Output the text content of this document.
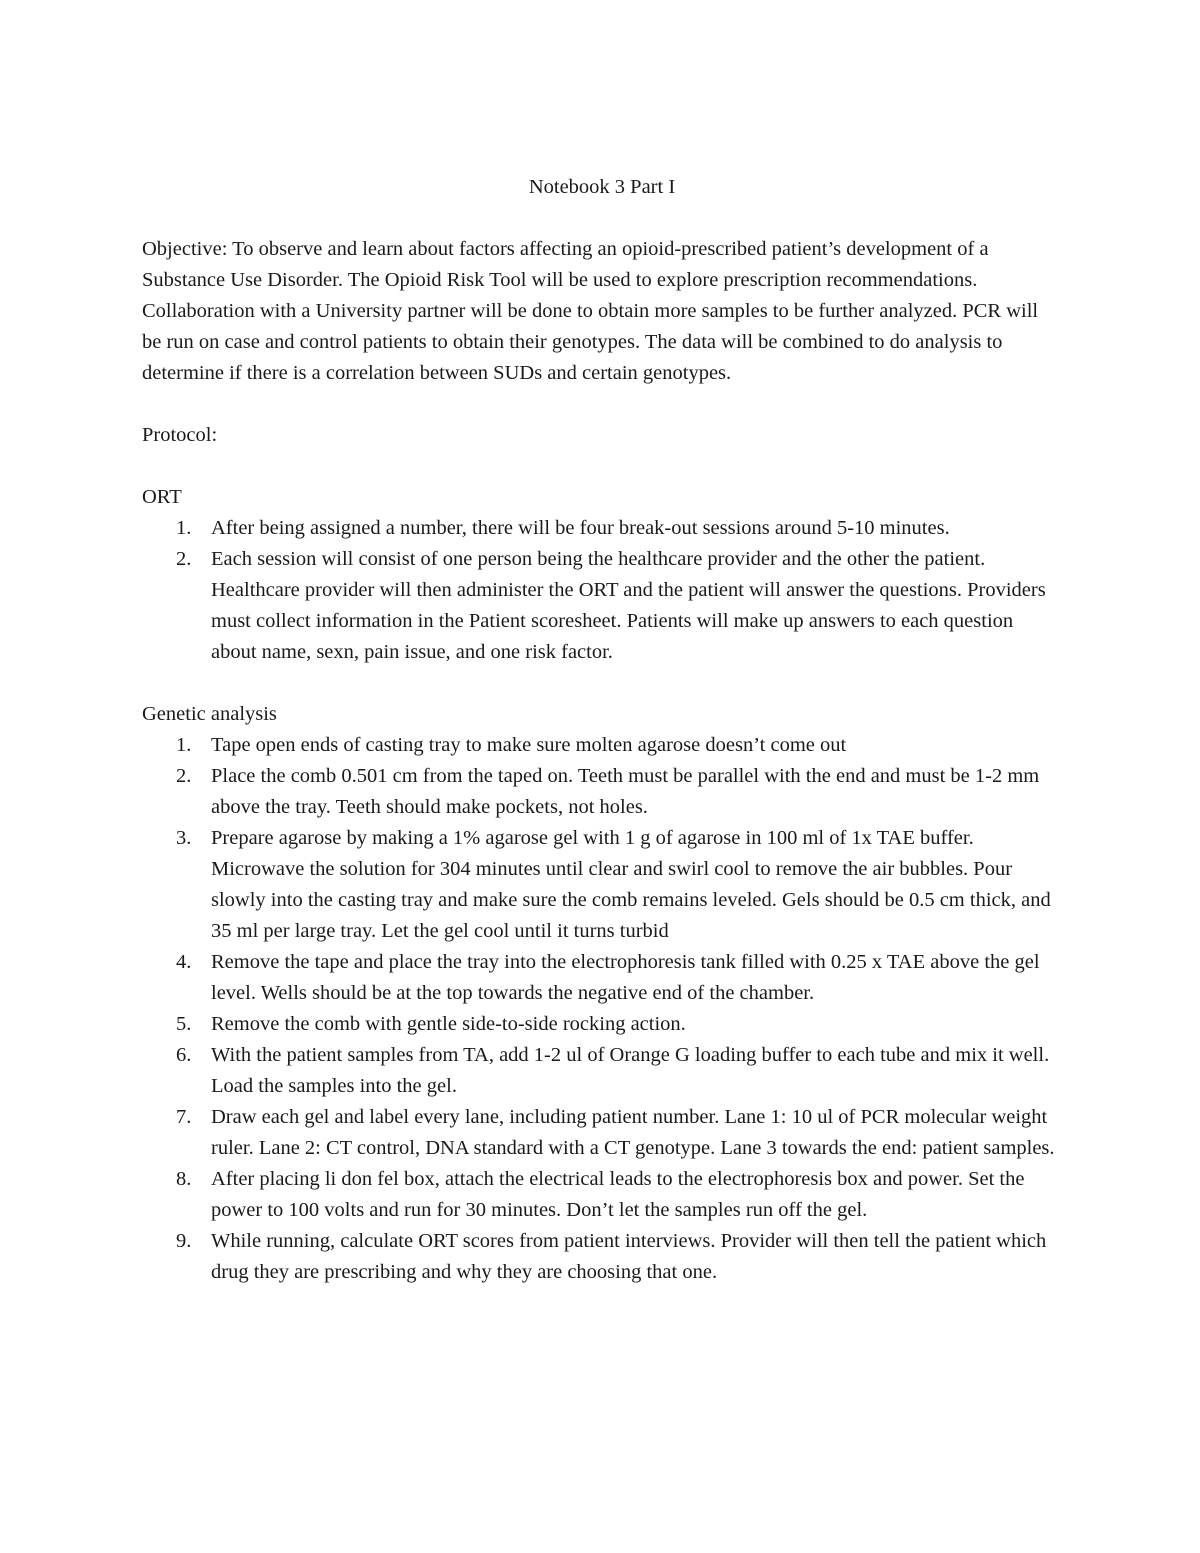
Notebook 3 Part I

Objective: To observe and learn about factors affecting an opioid-prescribed patient’s development of a Substance Use Disorder. The Opioid Risk Tool will be used to explore prescription recommendations. Collaboration with a University partner will be done to obtain more samples to be further analyzed. PCR will be run on case and control patients to obtain their genotypes. The data will be combined to do analysis to determine if there is a correlation between SUDs and certain genotypes.

Protocol:

ORT

1. After being assigned a number, there will be four break-out sessions around 5-10 minutes.
2. Each session will consist of one person being the healthcare provider and the other the patient. Healthcare provider will then administer the ORT and the patient will answer the questions. Providers must collect information in the Patient scoresheet. Patients will make up answers to each question about name, sexn, pain issue, and one risk factor.

Genetic analysis

1. Tape open ends of casting tray to make sure molten agarose doesn’t come out
2. Place the comb 0.501 cm from the taped on. Teeth must be parallel with the end and must be 1-2 mm above the tray. Teeth should make pockets, not holes.
3. Prepare agarose by making a 1% agarose gel with 1 g of agarose in 100 ml of 1x TAE buffer. Microwave the solution for 304 minutes until clear and swirl cool to remove the air bubbles. Pour slowly into the casting tray and make sure the comb remains leveled. Gels should be 0.5 cm thick, and 35 ml per large tray. Let the gel cool until it turns turbid
4. Remove the tape and place the tray into the electrophoresis tank filled with 0.25 x TAE above the gel level. Wells should be at the top towards the negative end of the chamber.
5. Remove the comb with gentle side-to-side rocking action.
6. With the patient samples from TA, add 1-2 ul of Orange G loading buffer to each tube and mix it well. Load the samples into the gel.
7. Draw each gel and label every lane, including patient number. Lane 1: 10 ul of PCR molecular weight ruler. Lane 2: CT control, DNA standard with a CT genotype. Lane 3 towards the end: patient samples.
8. After placing li don fel box, attach the electrical leads to the electrophoresis box and power. Set the power to 100 volts and run for 30 minutes. Don’t let the samples run off the gel.
9. While running, calculate ORT scores from patient interviews. Provider will then tell the patient which drug they are prescribing and why they are choosing that one.
